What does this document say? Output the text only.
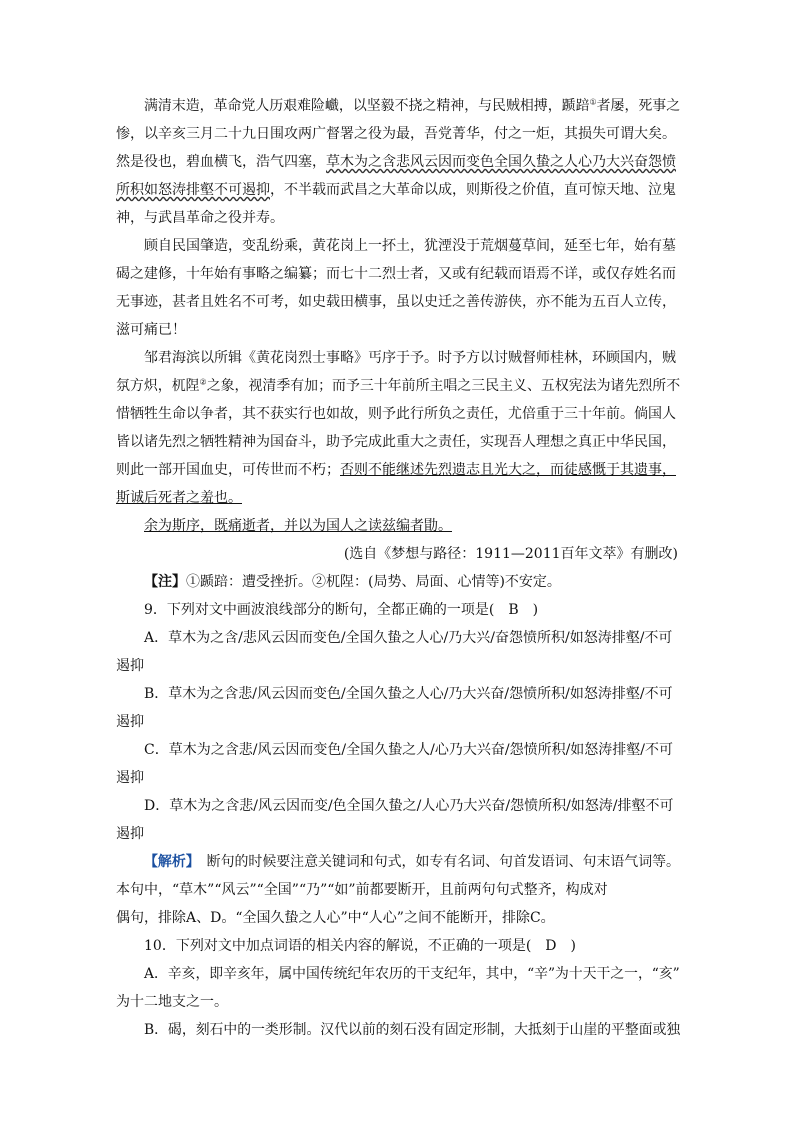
满清末造，革命党人历艰难险巇，以坚毅不挠之精神，与民贼相搏，踬踣①者屡，死事之
惨，以辛亥三月二十九日围攻两广督署之役为最，吾党菁华，付之一炬，其损失可谓大矣。
然是役也，碧血横飞，浩气四塞，草木为之含悲风云因而变色全国久蛰之人心乃大兴奋怨愤
所积如怒涛排壑不可遏抑，不半载而武昌之大革命以成，则斯役之价值，直可惊天地、泣鬼
神，与武昌革命之役并寿。
顾自民国肇造，变乱纷乘，黄花岗上一抔土，犹湮没于荒烟蔓草间，延至七年，始有墓
碣之建修，十年始有事略之编纂；而七十二烈士者，又或有纪载而语焉不详，或仅存姓名而
无事迹，甚者且姓名不可考，如史载田横事，虽以史迁之善传游侠，亦不能为五百人立传，
滋可痛已！
邹君海滨以所辑《黄花岗烈士事略》丐序于予。时予方以讨贼督师桂林，环顾国内，贼
氛方炽，杌陧②之象，视清季有加；而予三十年前所主唱之三民主义、五权宪法为诸先烈所不
惜牺牲生命以争者，其不获实行也如故，则予此行所负之责任，尤倍重于三十年前。倘国人
皆以诸先烈之牺牲精神为国奋斗，助予完成此重大之责任，实现吾人理想之真正中华民国，
则此一部开国血史，可传世而不朽；否则不能继述先烈遗志且光大之，而徒感慨于其遗事，
斯诚后死者之羞也。
余为斯序，既痛逝者，并以为国人之读兹编者勖。
(选自《梦想与路径：1911—2011百年文萃》有删改)
【注】①踬踣：遭受挫折。②杌陧：(局势、局面、心情等)不安定。
9．下列对文中画波浪线部分的断句，全都正确的一项是(　B　)
A．草木为之含/悲风云因而变色/全国久蛰之人心/乃大兴/奋怨愤所积/如怒涛排壑/不可
遏抑
B．草木为之含悲/风云因而变色/全国久蛰之人心/乃大兴奋/怨愤所积/如怒涛排壑/不可
遏抑
C．草木为之含悲/风云因而变色/全国久蛰之人/心乃大兴奋/怨愤所积/如怒涛排壑/不可
遏抑
D．草木为之含悲/风云因而变/色全国久蛰之/人心乃大兴奋/怨愤所积/如怒涛/排壑不可
遏抑
【解析】　断句的时候要注意关键词和句式，如专有名词、句首发语词、句末语气词等。
本句中，“草木”“风云”“全国”“乃”“如”前都要断开，且前两句句式整齐，构成对
偶句，排除A、D。“全国久蛰之人心”中“人心”之间不能断开，排除C。
10．下列对文中加点词语的相关内容的解说，不正确的一项是(　D　)
A．辛亥，即辛亥年，属中国传统纪年农历的干支纪年，其中，“辛”为十天干之一，“亥”
为十二地支之一。
B．碣，刻石中的一类形制。汉代以前的刻石没有固定形制，大抵刻于山崖的平整面或独
